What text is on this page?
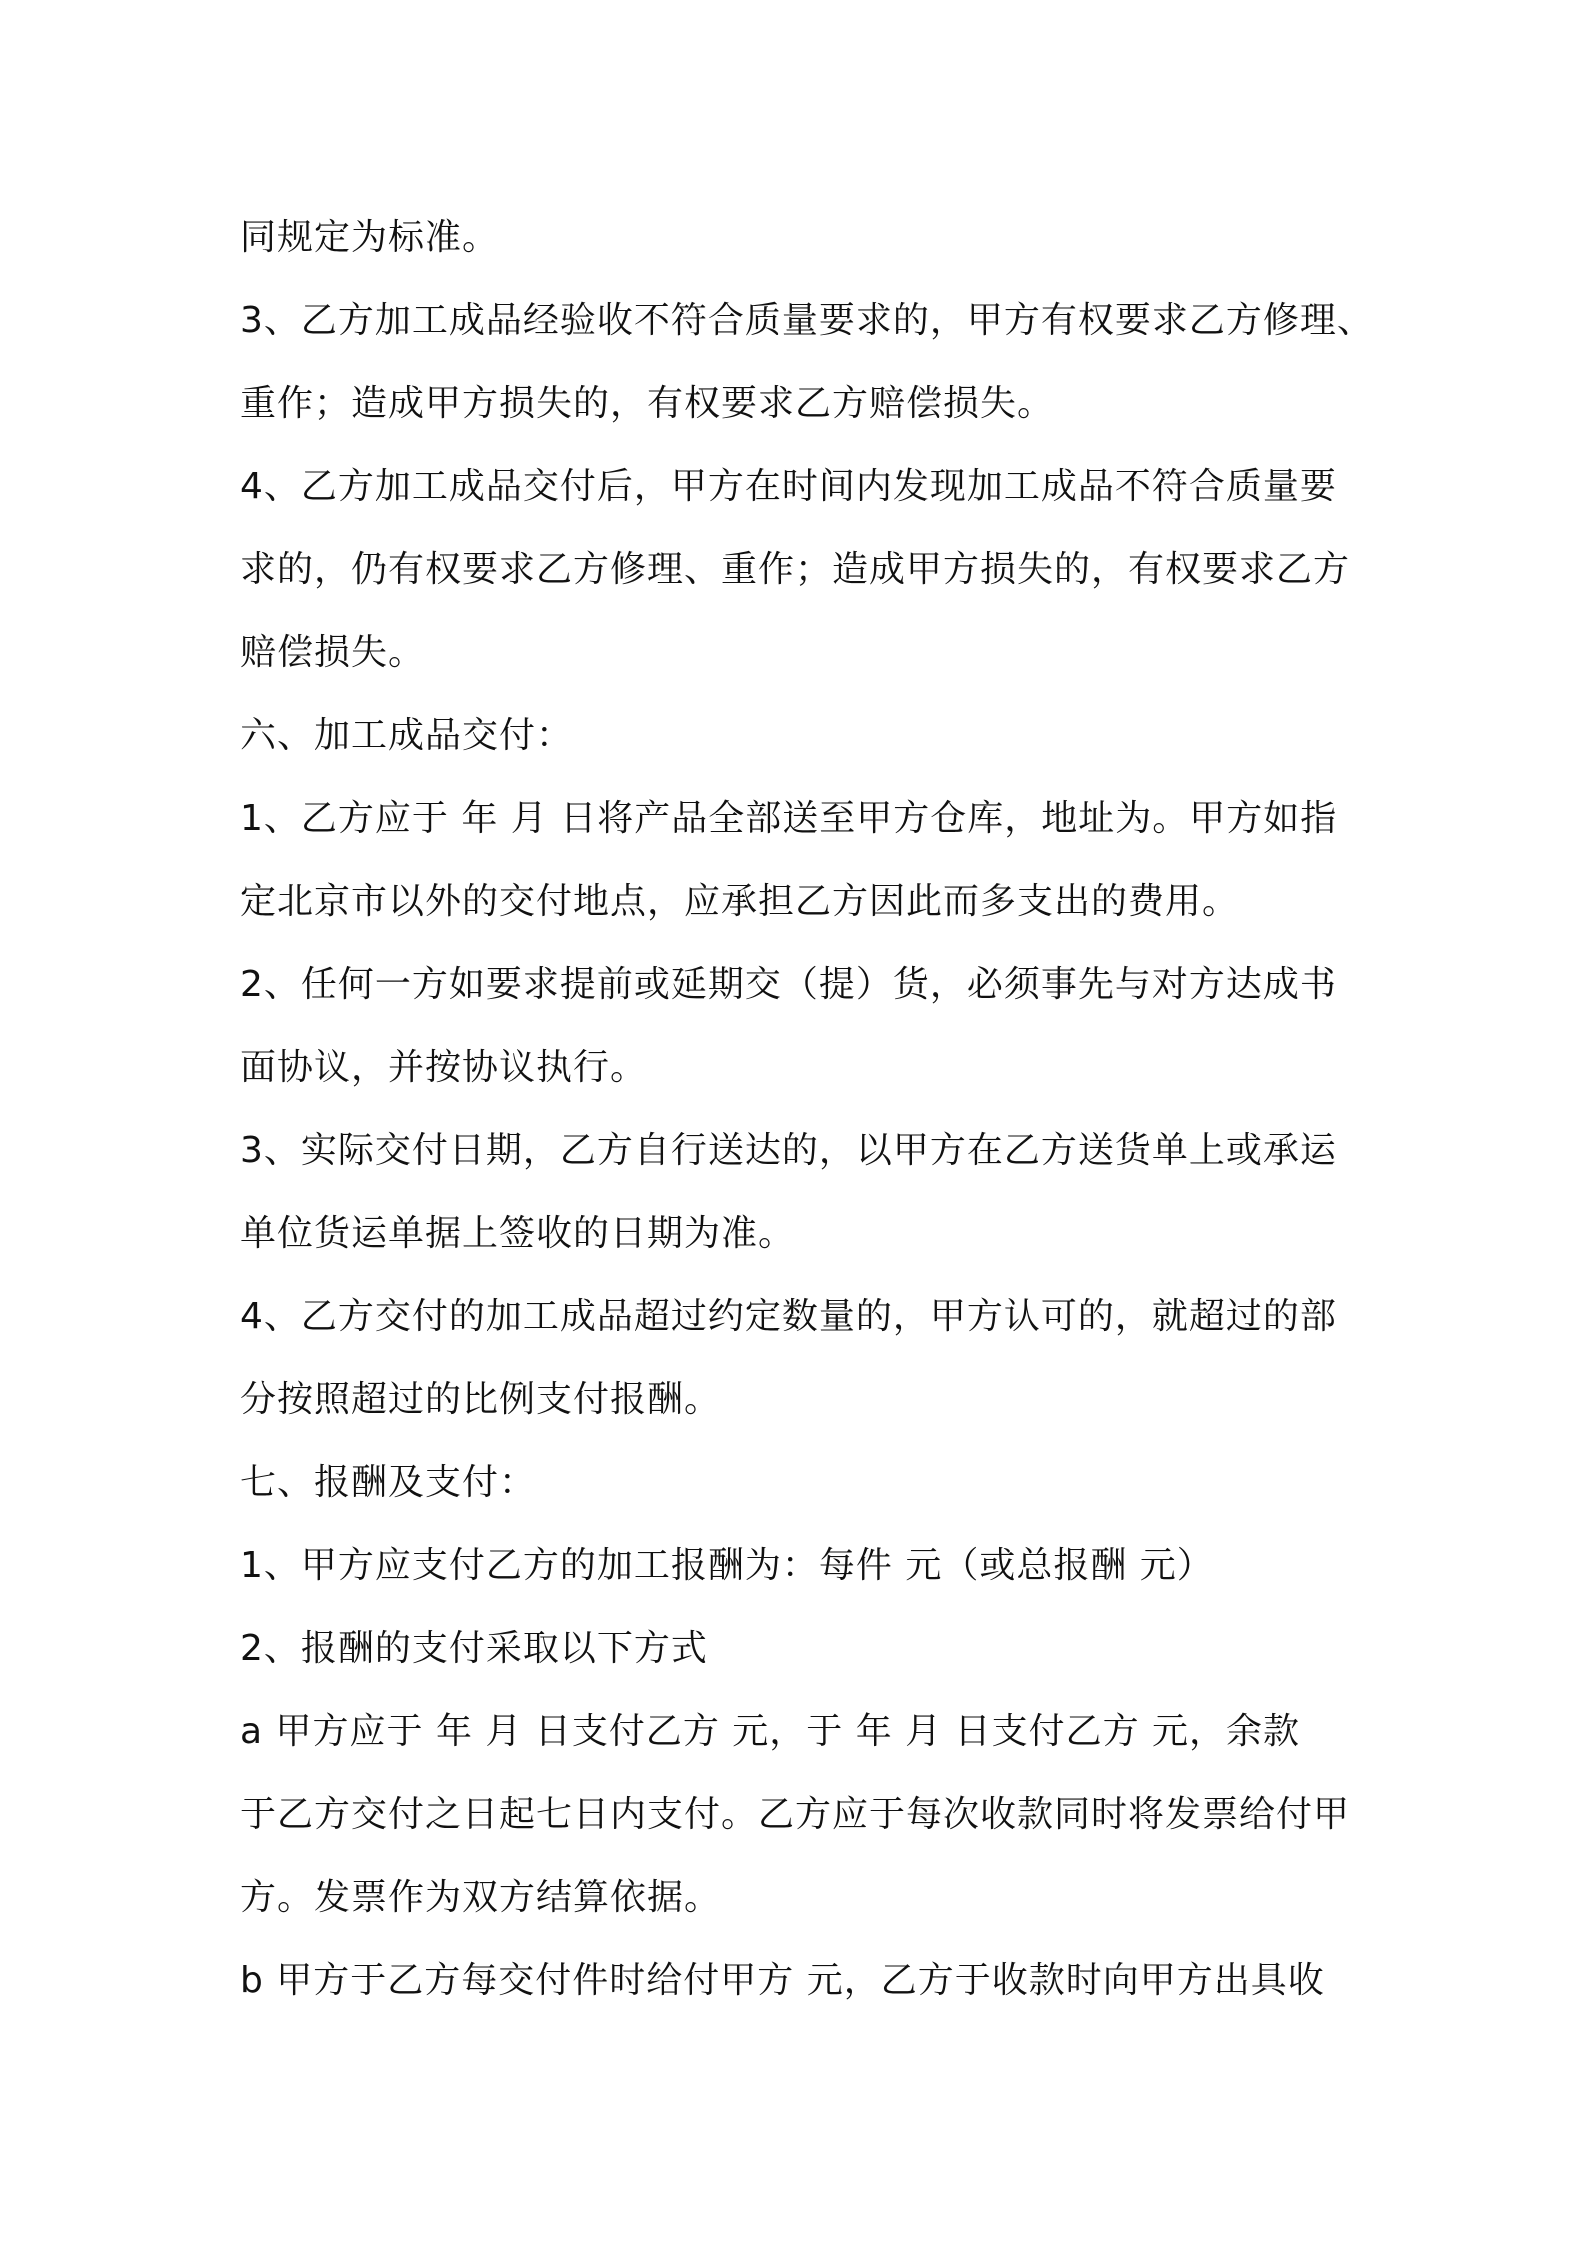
同规定为标准。
3、乙方加工成品经验收不符合质量要求的，甲方有权要求乙方修理、
重作；造成甲方损失的，有权要求乙方赔偿损失。
4、乙方加工成品交付后，甲方在时间内发现加工成品不符合质量要
求的，仍有权要求乙方修理、重作；造成甲方损失的，有权要求乙方
赔偿损失。
六、加工成品交付：
1、乙方应于 年 月 日将产品全部送至甲方仓库，地址为。甲方如指
定北京市以外的交付地点，应承担乙方因此而多支出的费用。
2、任何一方如要求提前或延期交（提）货，必须事先与对方达成书
面协议，并按协议执行。
3、实际交付日期，乙方自行送达的，以甲方在乙方送货单上或承运
单位货运单据上签收的日期为准。
4、乙方交付的加工成品超过约定数量的，甲方认可的，就超过的部
分按照超过的比例支付报酬。
七、报酬及支付：
1、甲方应支付乙方的加工报酬为：每件 元（或总报酬 元）
2、报酬的支付采取以下方式
a 甲方应于 年 月 日支付乙方 元，于 年 月 日支付乙方 元，余款
于乙方交付之日起七日内支付。乙方应于每次收款同时将发票给付甲
方。发票作为双方结算依据。
b 甲方于乙方每交付件时给付甲方 元，乙方于收款时向甲方出具收
